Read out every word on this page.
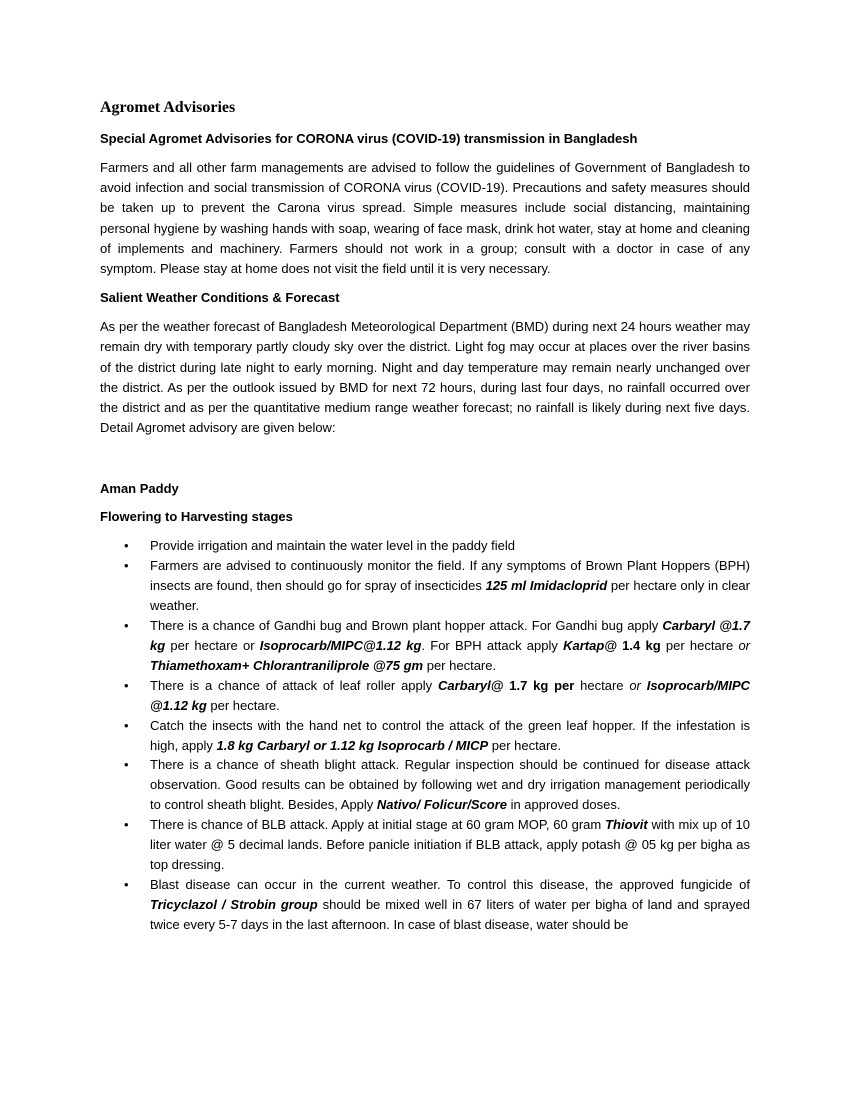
Agromet Advisories
Special Agromet Advisories for CORONA virus (COVID-19) transmission in Bangladesh

Farmers and all other farm managements are advised to follow the guidelines of Government of Bangladesh to avoid infection and social transmission of CORONA virus (COVID-19). Precautions and safety measures should be taken up to prevent the Carona virus spread. Simple measures include social distancing, maintaining personal hygiene by washing hands with soap, wearing of face mask, drink hot water, stay at home and cleaning of implements and machinery. Farmers should not work in a group; consult with a doctor in case of any symptom. Please stay at home does not visit the field until it is very necessary.

Salient Weather Conditions & Forecast

As per the weather forecast of Bangladesh Meteorological Department (BMD) during next 24 hours weather may remain dry with temporary partly cloudy sky over the district. Light fog may occur at places over the river basins of the district during late night to early morning. Night and day temperature may remain nearly unchanged over the district. As per the outlook issued by BMD for next 72 hours, during last four days, no rainfall occurred over the district and as per the quantitative medium range weather forecast; no rainfall is likely during next five days. Detail Agromet advisory are given below:

Aman Paddy
Flowering to Harvesting stages
• Provide irrigation and maintain the water level in the paddy field
• Farmers are advised to continuously monitor the field. If any symptoms of Brown Plant Hoppers (BPH) insects are found, then should go for spray of insecticides 125 ml Imidacloprid per hectare only in clear weather.
• There is a chance of Gandhi bug and Brown plant hopper attack. For Gandhi bug apply Carbaryl @1.7 kg per hectare or Isoprocarb/MIPC@1.12 kg. For BPH attack apply Kartap@ 1.4 kg per hectare or Thiamethoxam+ Chlorantraniliprole @75 gm per hectare.
• There is a chance of attack of leaf roller apply Carbaryl@ 1.7 kg per hectare or Isoprocarb/MIPC @1.12 kg per hectare.
• Catch the insects with the hand net to control the attack of the green leaf hopper. If the infestation is high, apply 1.8 kg Carbaryl or 1.12 kg Isoprocarb / MICP per hectare.
• There is a chance of sheath blight attack. Regular inspection should be continued for disease attack observation. Good results can be obtained by following wet and dry irrigation management periodically to control sheath blight. Besides, Apply Nativo/ Folicur/Score in approved doses.
• There is chance of BLB attack. Apply at initial stage at 60 gram MOP, 60 gram Thiovit with mix up of 10 liter water @ 5 decimal lands. Before panicle initiation if BLB attack, apply potash @ 05 kg per bigha as top dressing.
• Blast disease can occur in the current weather. To control this disease, the approved fungicide of Tricyclazol / Strobin group should be mixed well in 67 liters of water per bigha of land and sprayed twice every 5-7 days in the last afternoon. In case of blast disease, water should be
